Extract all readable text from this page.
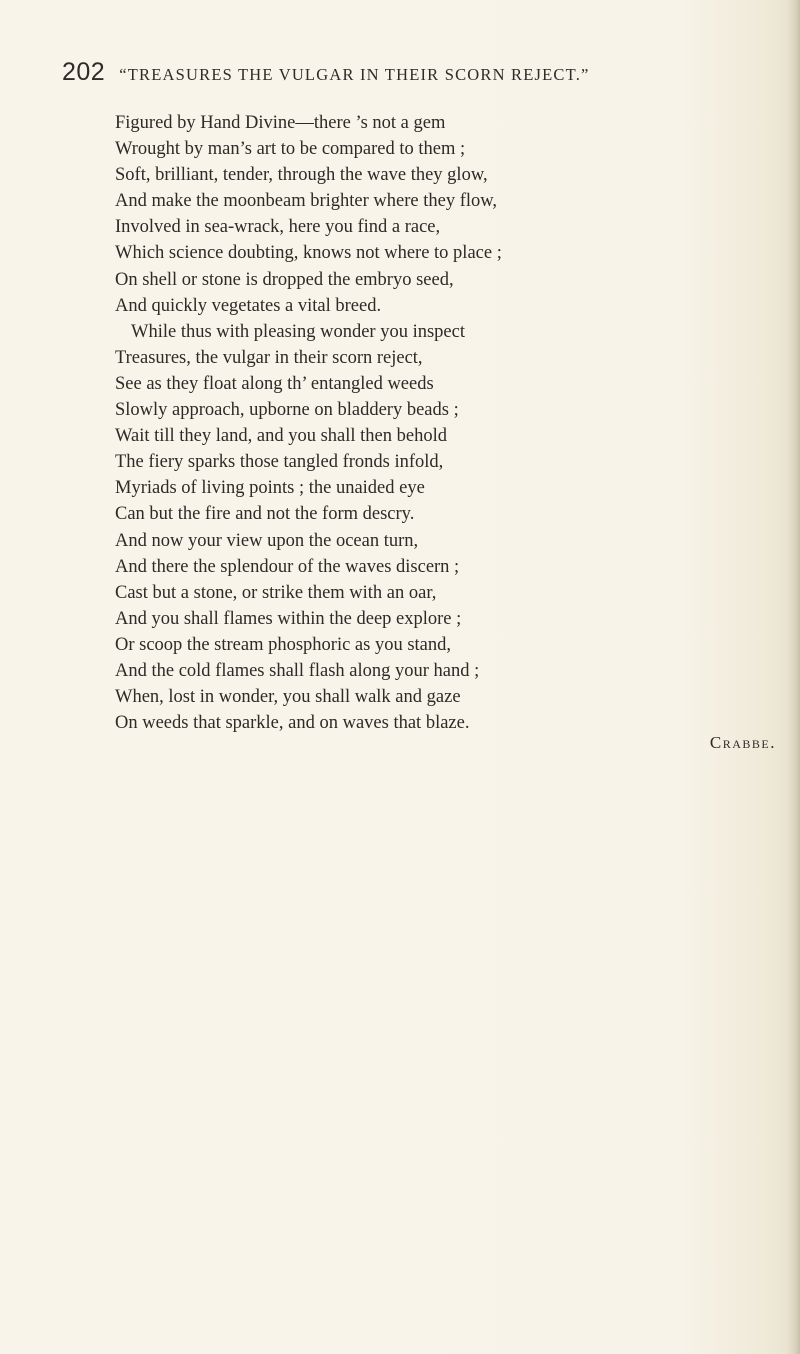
202 “TREASURES THE VULGAR IN THEIR SCORN REJECT.”
Figured by Hand Divine—there ’s not a gem
Wrought by man’s art to be compared to them ;
Soft, brilliant, tender, through the wave they glow,
And make the moonbeam brighter where they flow,
Involved in sea-wrack, here you find a race,
Which science doubting, knows not where to place ;
On shell or stone is dropped the embryo seed,
And quickly vegetates a vital breed.
While thus with pleasing wonder you inspect
Treasures, the vulgar in their scorn reject,
See as they float along th’ entangled weeds
Slowly approach, upborne on bladdery beads ;
Wait till they land, and you shall then behold
The fiery sparks those tangled fronds infold,
Myriads of living points ; the unaided eye
Can but the fire and not the form descry.
And now your view upon the ocean turn,
And there the splendour of the waves discern ;
Cast but a stone, or strike them with an oar,
And you shall flames within the deep explore ;
Or scoop the stream phosphoric as you stand,
And the cold flames shall flash along your hand ;
When, lost in wonder, you shall walk and gaze
On weeds that sparkle, and on waves that blaze.
Crabbe.
